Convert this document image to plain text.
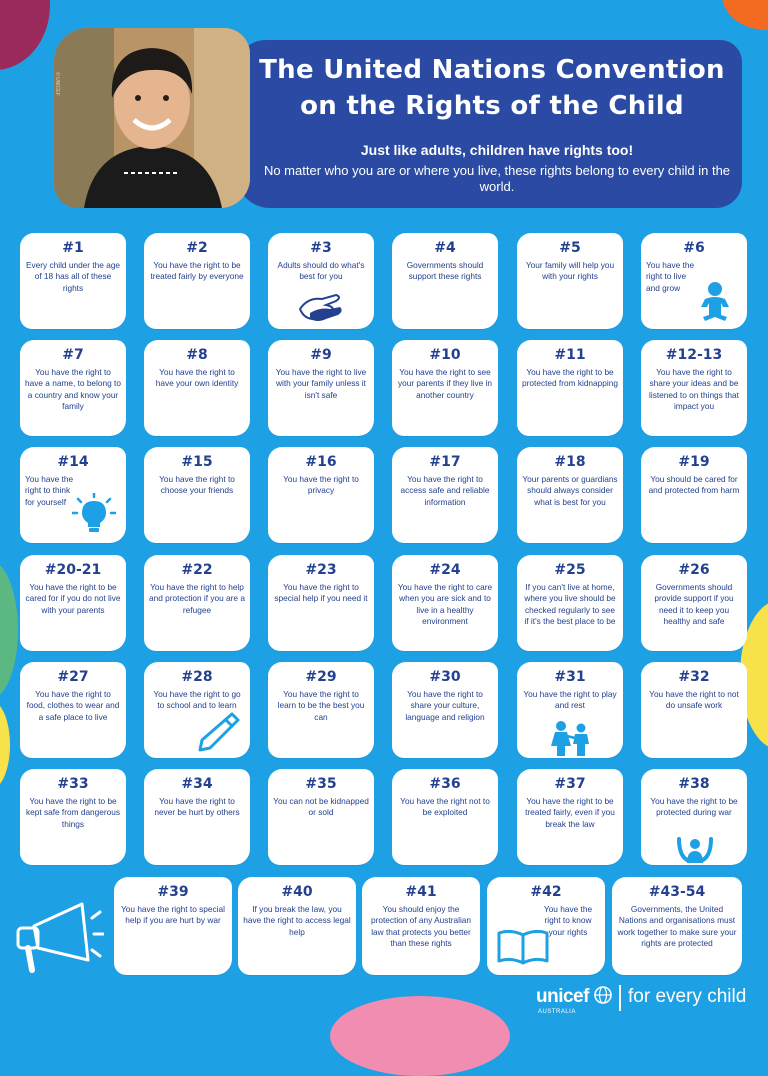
© UNICEF	The United Nations Convention
on the Rights of the Child
Just like adults, children have rights too!
No matter who you are or where you live, these rights belong to every child in the world.
#1
Every child under the age of 18 has all of these rights
#2
You have the right to be treated fairly by everyone
#3
Adults should do what's best for you
#4
Governments should support these rights
#5
Your family will help you with your rights
#6
You have the right to live and grow
#7
You have the right to have a name, to belong to a country and know your family
#8
You have the right to have your own identity
#9
You have the right to live with your family unless it isn't safe
#10
You have the right to see your parents if they live in another country
#11
You have the right to be protected from kidnapping
#12-13
You have the right to share your ideas and be listened to on things that impact you
#14
You have the right to think for yourself
#15
You have the right to choose your friends
#16
You have the right to privacy
#17
You have the right to access safe and reliable information
#18
Your parents or guardians should always consider what is best for you
#19
You should be cared for and protected from harm
#20-21
You have the right to be cared for if you do not live with your parents
#22
You have the right to help and protection if you are a refugee
#23
You have the right to special help if you need it
#24
You have the right to care when you are sick and to live in a healthy environment
#25
If you can't live at home, where you live should be checked regularly to see if it's the best place to be
#26
Governments should provide support if you need it to keep you healthy and safe
#27
You have the right to food, clothes to wear and a safe place to live
#28
You have the right to go to school and to learn
#29
You have the right to learn to be the best you can
#30
You have the right to share your culture, language and religion
#31
You have the right to play and rest
#32
You have the right to not do unsafe work
#33
You have the right to be kept safe from dangerous things
#34
You have the right to never be hurt by others
#35
You can not be kidnapped or sold
#36
You have the right not to be exploited
#37
You have the right to be treated fairly, even if you break the law
#38
You have the right to be protected during war
#39
You have the right to special help if you are hurt by war
#40
If you break the law, you have the right to access legal help
#41
You should enjoy the protection of any Australian law that protects you better than these rights
#42
You have the right to know your rights
#43-54
Governments, the United Nations and organisations must work together to make sure your rights are protected
unicef	for every child
AUSTRALIA
